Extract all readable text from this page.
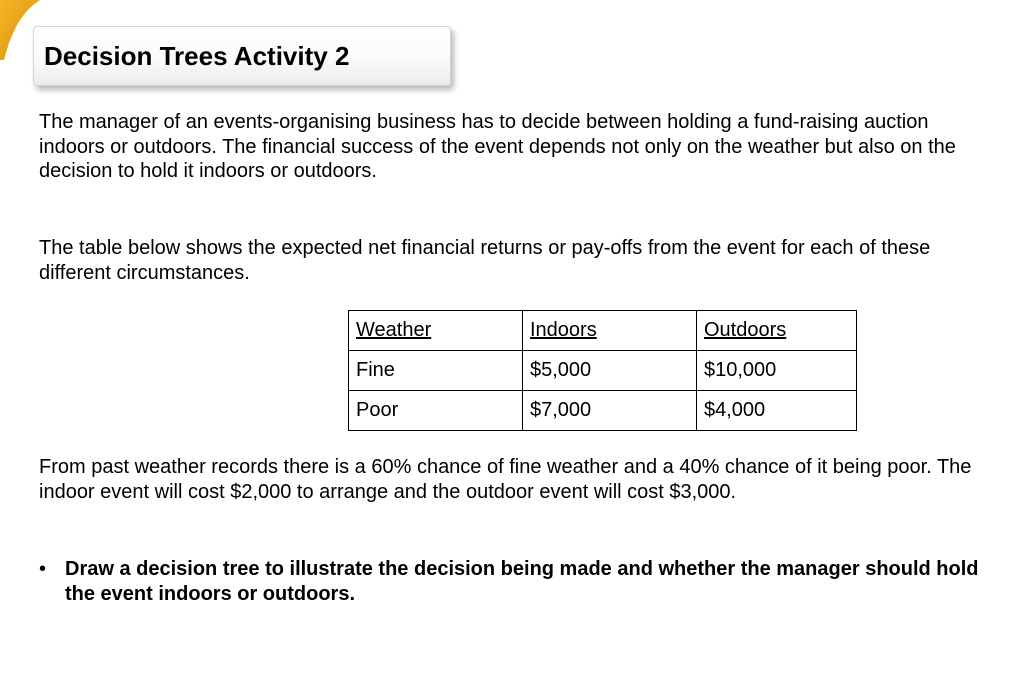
Decision Trees Activity 2

The manager of an events-organising business has to decide between holding a fund-raising auction indoors or outdoors. The financial success of the event depends not only on the weather but also on the decision to hold it indoors or outdoors.

The table below shows the expected net financial returns or pay-offs from the event for each of these different circumstances.

Weather	Indoors	Outdoors
Fine	$5,000	$10,000
Poor	$7,000	$4,000

From past weather records there is a 60% chance of fine weather and a 40% chance of it being poor. The indoor event will cost $2,000 to arrange and the outdoor event will cost $3,000.

• Draw a decision tree to illustrate the decision being made and whether the manager should hold the event indoors or outdoors.
